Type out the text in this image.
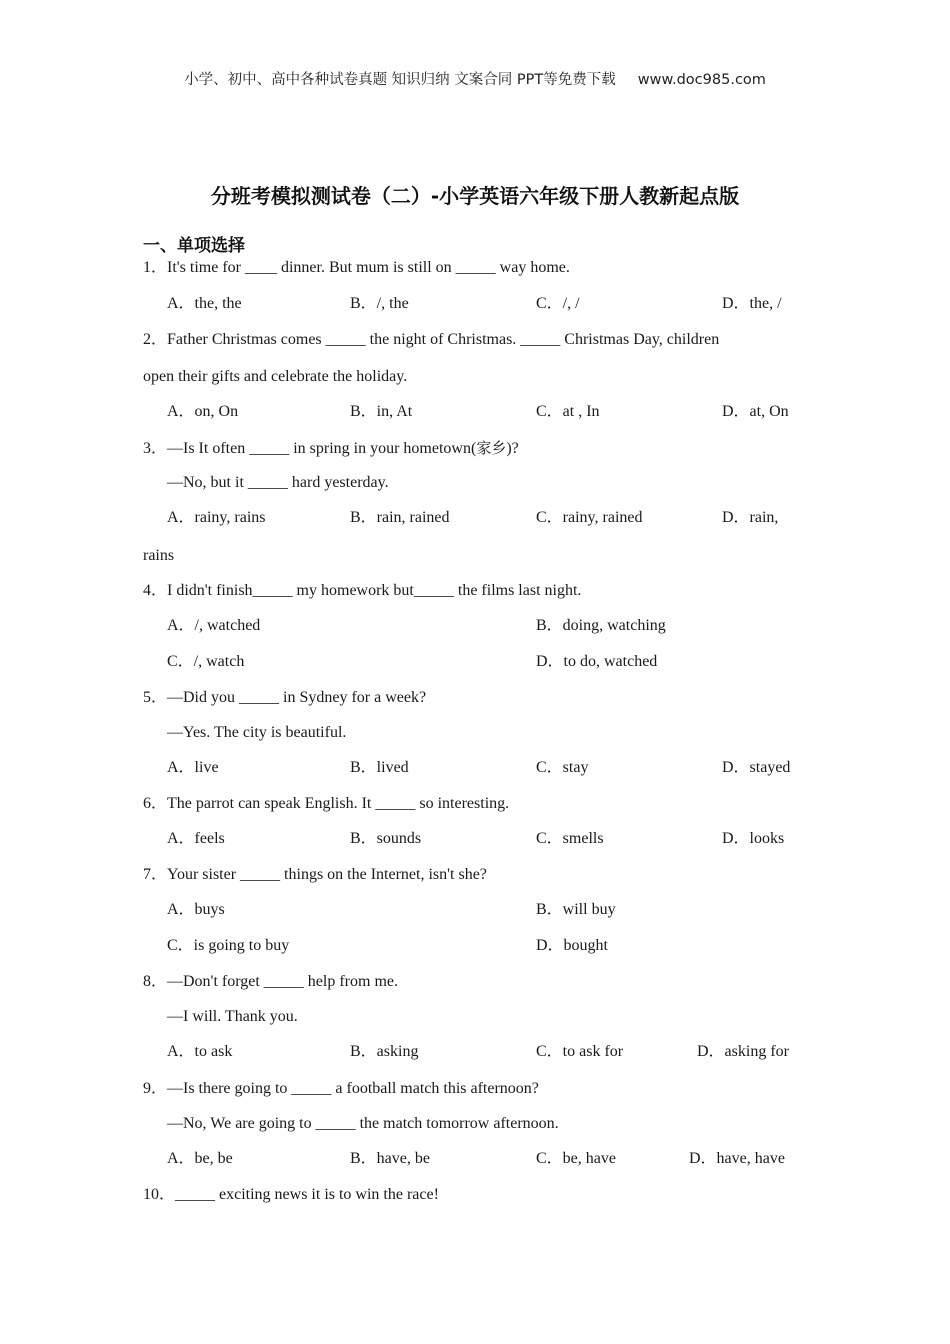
小学、初中、高中各种试卷真题 知识归纳 文案合同 PPT等免费下载 www.doc985.com
分班考模拟测试卷（二）-小学英语六年级下册人教新起点版
一、单项选择
1．It's time for ____ dinner. But mum is still on _____ way home.
A．the, the	B．/, the	C．/, /	D．the, /
2．Father Christmas comes _____ the night of Christmas. _____ Christmas Day, children
open their gifts and celebrate the holiday.
A．on, On	B．in, At	C．at , In	D．at, On
3．—Is It often _____ in spring in your hometown(家乡)?
—No, but it _____ hard yesterday.
A．rainy, rains	B．rain, rained	C．rainy, rained	D．rain,
rains
4．I didn't finish_____ my homework but_____ the films last night.
A．/, watched	B．doing, watching
C．/, watch	D．to do, watched
5．—Did you _____ in Sydney for a week?
—Yes. The city is beautiful.
A．live	B．lived	C．stay	D．stayed
6．The parrot can speak English. It _____ so interesting.
A．feels	B．sounds	C．smells	D．looks
7．Your sister _____ things on the Internet, isn't she?
A．buys	B．will buy
C．is going to buy	D．bought
8．—Don't forget _____ help from me.
—I will. Thank you.
A．to ask	B．asking	C．to ask for	D．asking for
9．—Is there going to _____ a football match this afternoon?
—No, We are going to _____ the match tomorrow afternoon.
A．be, be	B．have, be	C．be, have	D．have, have
10．_____ exciting news it is to win the race!
